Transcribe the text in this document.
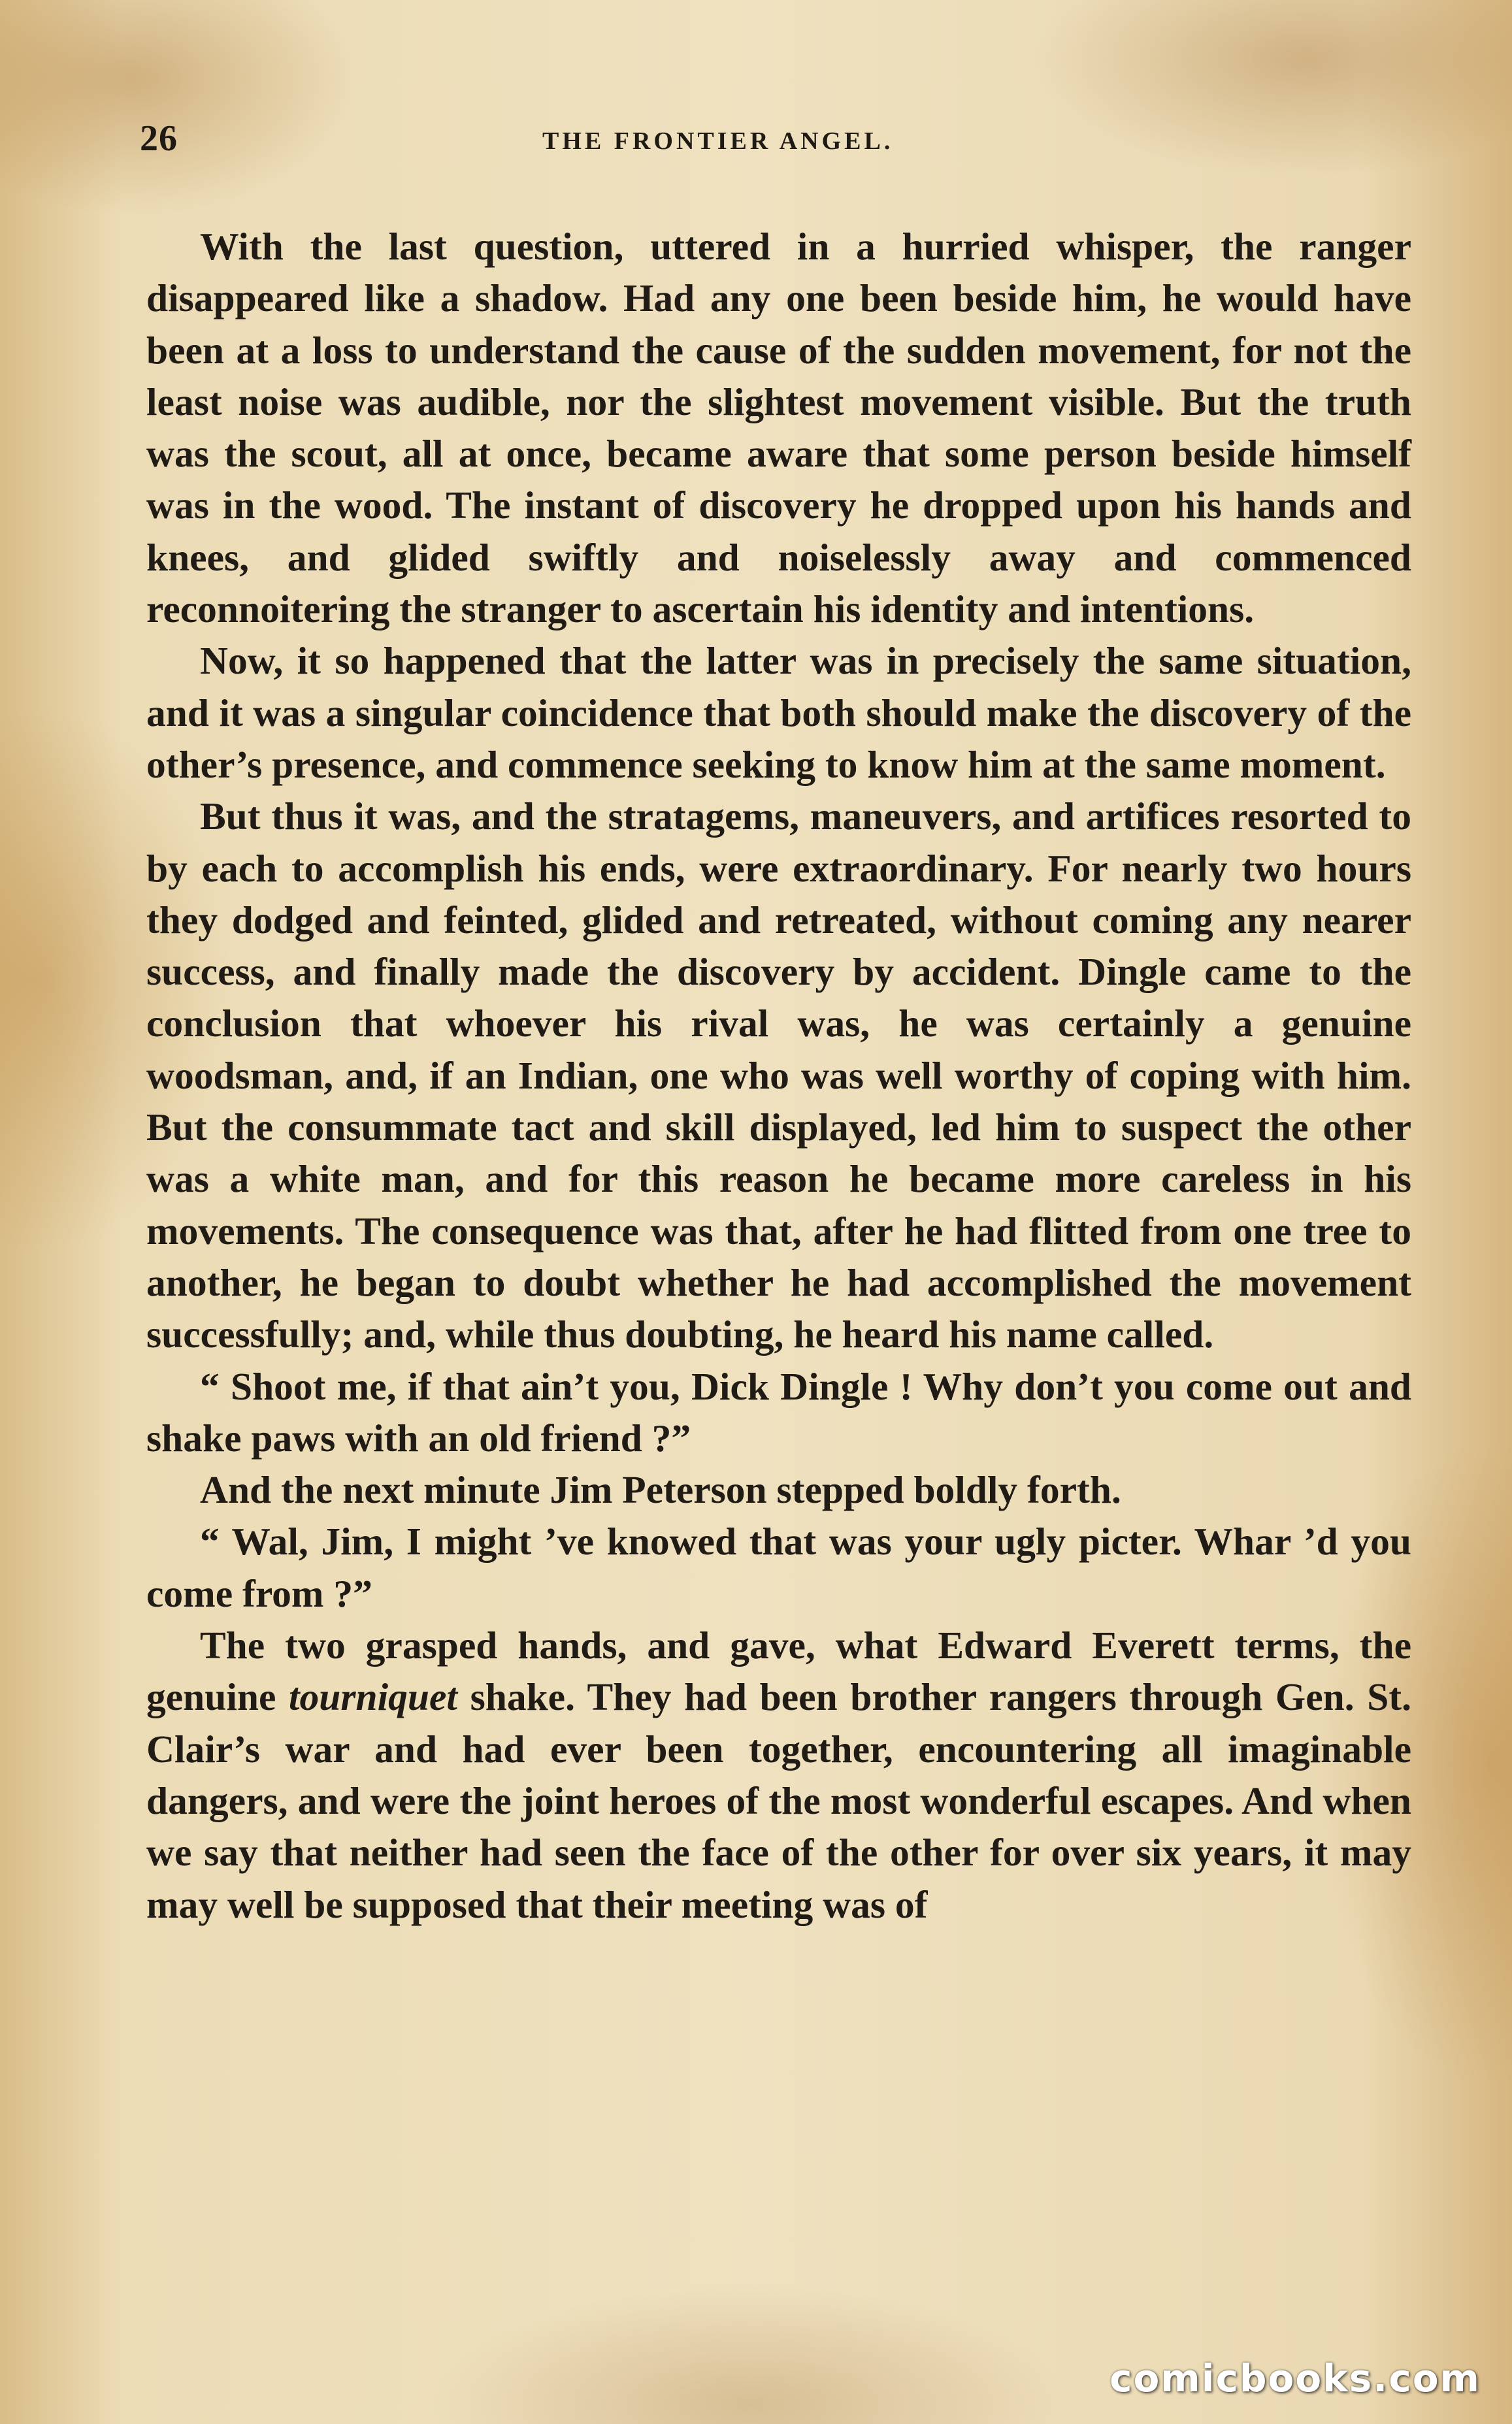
26	THE FRONTIER ANGEL.

With the last question, uttered in a hurried whisper, the ranger disappeared like a shadow. Had any one been beside him, he would have been at a loss to understand the cause of the sudden movement, for not the least noise was audible, nor the slightest movement visible. But the truth was the scout, all at once, became aware that some person beside himself was in the wood. The instant of discovery he dropped upon his hands and knees, and glided swiftly and noiselessly away and commenced reconnoitering the stranger to ascertain his identity and intentions.

Now, it so happened that the latter was in precisely the same situation, and it was a singular coincidence that both should make the discovery of the other’s presence, and commence seeking to know him at the same moment.

But thus it was, and the stratagems, maneuvers, and artifices resorted to by each to accomplish his ends, were extraordinary. For nearly two hours they dodged and feinted, glided and retreated, without coming any nearer success, and finally made the discovery by accident. Dingle came to the conclusion that whoever his rival was, he was certainly a genuine woodsman, and, if an Indian, one who was well worthy of coping with him. But the consummate tact and skill displayed, led him to suspect the other was a white man, and for this reason he became more careless in his movements. The consequence was that, after he had flitted from one tree to another, he began to doubt whether he had accomplished the movement successfully; and, while thus doubting, he heard his name called.

“ Shoot me, if that ain’t you, Dick Dingle ! Why don’t you come out and shake paws with an old friend ?”

And the next minute Jim Peterson stepped boldly forth.

“ Wal, Jim, I might ’ve knowed that was your ugly picter. Whar ’d you come from ?”

The two grasped hands, and gave, what Edward Everett terms, the genuine tourniquet shake. They had been brother rangers through Gen. St. Clair’s war and had ever been together, encountering all imaginable dangers, and were the joint heroes of the most wonderful escapes. And when we say that neither had seen the face of the other for over six years, it may may well be supposed that their meeting was of

comicbooks.com
